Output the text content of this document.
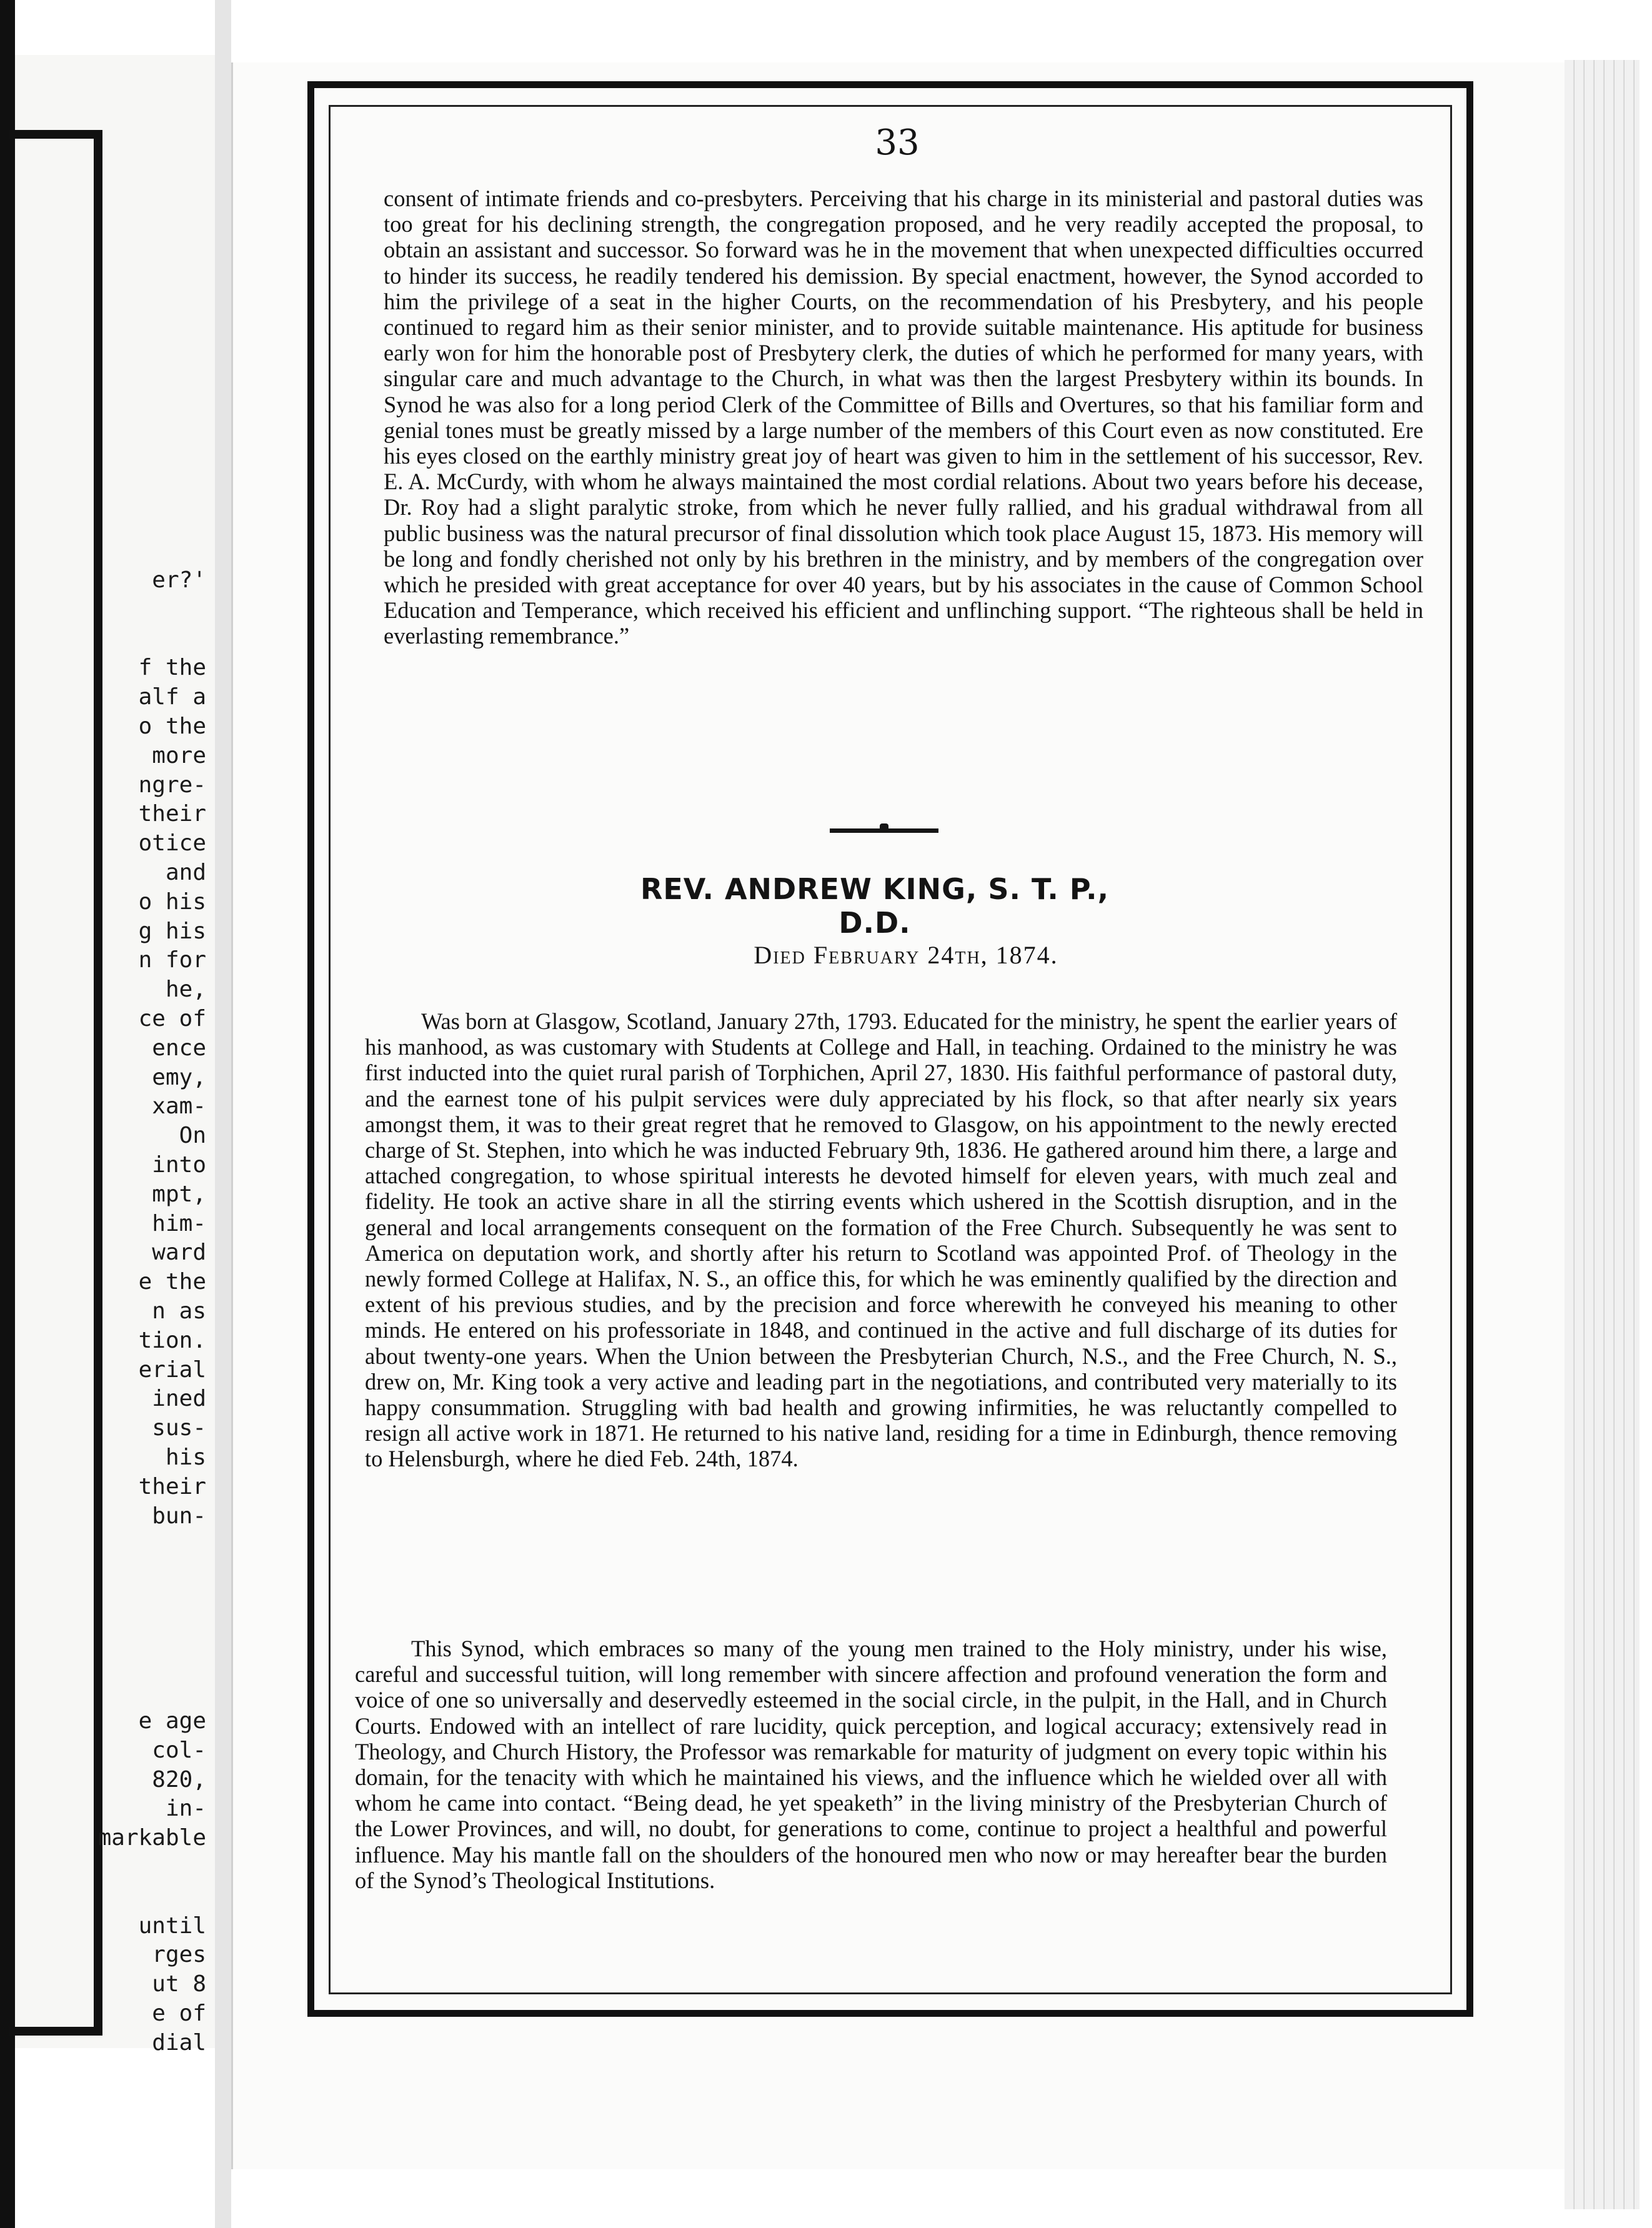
er?'

f the
alf a
o the
more
ngre-
their
otice
and
o his
g his
n for
he,
ce of
ence
emy,
xam-
On
into
mpt,
him-
ward
e the
n as
tion.
erial
ined
sus-
his
their
bun-
e age
col-
820,
in-
markable

until
rges
ut 8
e of
dial
33

consent of intimate friends and co-presbyters. Perceiving that his charge in its ministerial and pastoral duties was too great for his declining strength, the congregation proposed, and he very readily accepted the proposal, to obtain an assistant and successor. So forward was he in the movement that when unexpected difficulties occurred to hinder its success, he readily tendered his demission. By special enactment, however, the Synod accorded to him the privilege of a seat in the higher Courts, on the recommendation of his Presbytery, and his people continued to regard him as their senior minister, and to provide suitable maintenance. His aptitude for business early won for him the honorable post of Presbytery clerk, the duties of which he performed for many years, with singular care and much advantage to the Church, in what was then the largest Presbytery within its bounds. In Synod he was also for a long period Clerk of the Committee of Bills and Overtures, so that his familiar form and genial tones must be greatly missed by a large number of the members of this Court even as now constituted. Ere his eyes closed on the earthly ministry great joy of heart was given to him in the settlement of his successor, Rev. E. A. McCurdy, with whom he always maintained the most cordial relations. About two years before his decease, Dr. Roy had a slight paralytic stroke, from which he never fully rallied, and his gradual withdrawal from all public business was the natural precursor of final dissolution which took place August 15, 1873. His memory will be long and fondly cherished not only by his brethren in the ministry, and by members of the congregation over which he presided with great acceptance for over 40 years, but by his associates in the cause of Common School Education and Temperance, which received his efficient and unflinching support. “The righteous shall be held in everlasting remembrance.”

REV. ANDREW KING, S. T. P., D.D.
Died February 24th, 1874.

Was born at Glasgow, Scotland, January 27th, 1793. Educated for the ministry, he spent the earlier years of his manhood, as was customary with Students at College and Hall, in teaching. Ordained to the ministry he was first inducted into the quiet rural parish of Torphichen, April 27, 1830. His faithful performance of pastoral duty, and the earnest tone of his pulpit services were duly appreciated by his flock, so that after nearly six years amongst them, it was to their great regret that he removed to Glasgow, on his appointment to the newly erected charge of St. Stephen, into which he was inducted February 9th, 1836. He gathered around him there, a large and attached congregation, to whose spiritual interests he devoted himself for eleven years, with much zeal and fidelity. He took an active share in all the stirring events which ushered in the Scottish disruption, and in the general and local arrangements consequent on the formation of the Free Church. Subsequently he was sent to America on deputation work, and shortly after his return to Scotland was appointed Prof. of Theology in the newly formed College at Halifax, N. S., an office this, for which he was eminently qualified by the direction and extent of his previous studies, and by the precision and force wherewith he conveyed his meaning to other minds. He entered on his professoriate in 1848, and continued in the active and full discharge of its duties for about twenty-one years. When the Union between the Presbyterian Church, N.S., and the Free Church, N. S., drew on, Mr. King took a very active and leading part in the negotiations, and contributed very materially to its happy consummation. Struggling with bad health and growing infirmities, he was reluctantly compelled to resign all active work in 1871. He returned to his native land, residing for a time in Edinburgh, thence removing to Helensburgh, where he died Feb. 24th, 1874.

This Synod, which embraces so many of the young men trained to the Holy ministry, under his wise, careful and successful tuition, will long remember with sincere affection and profound veneration the form and voice of one so universally and deservedly esteemed in the social circle, in the pulpit, in the Hall, and in Church Courts. Endowed with an intellect of rare lucidity, quick perception, and logical accuracy; extensively read in Theology, and Church History, the Professor was remarkable for maturity of judgment on every topic within his domain, for the tenacity with which he maintained his views, and the influence which he wielded over all with whom he came into contact. “Being dead, he yet speaketh” in the living ministry of the Presbyterian Church of the Lower Provinces, and will, no doubt, for generations to come, continue to project a healthful and powerful influence. May his mantle fall on the shoulders of the honoured men who now or may hereafter bear the burden of the Synod’s Theological Institutions.
